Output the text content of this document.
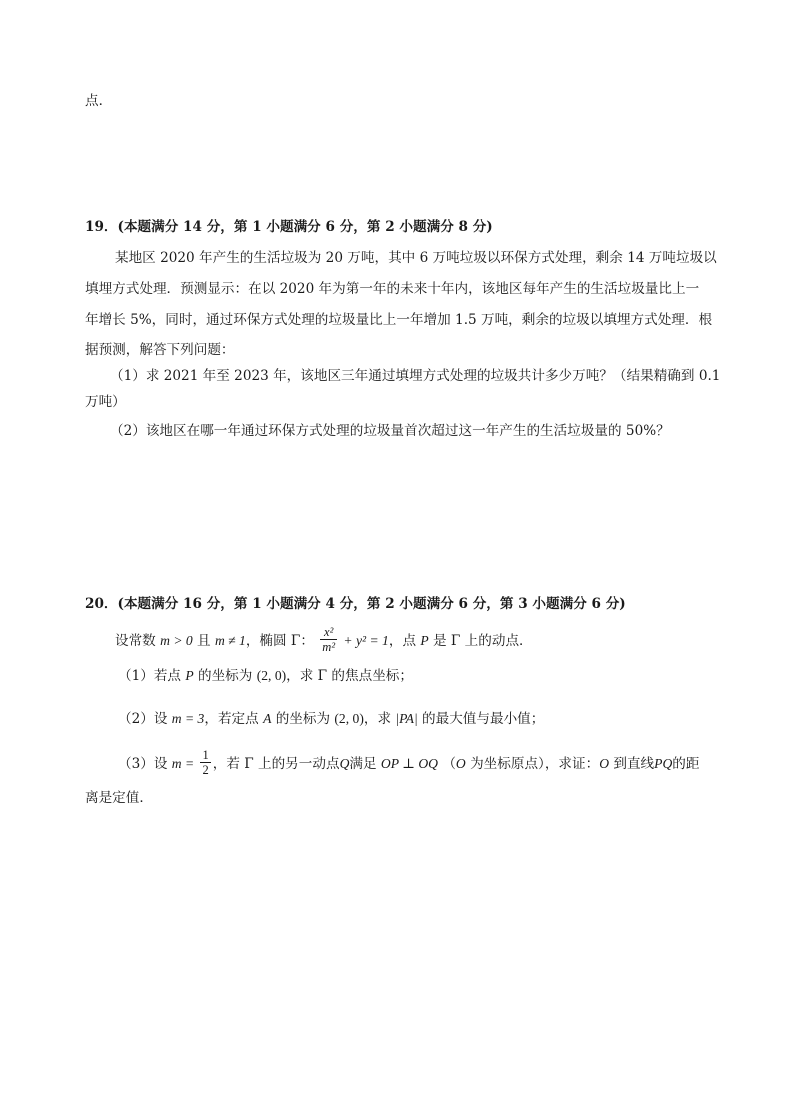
点．
19．(本题满分 14 分，第 1 小题满分 6 分，第 2 小题满分 8 分)
某地区 2020 年产生的生活垃圾为 20 万吨，其中 6 万吨垃圾以环保方式处理，剩余 14 万吨垃圾以
填埋方式处理．预测显示：在以 2020 年为第一年的未来十年内，该地区每年产生的生活垃圾量比上一
年增长 5%，同时，通过环保方式处理的垃圾量比上一年增加 1.5 万吨，剩余的垃圾以填埋方式处理．根
据预测，解答下列问题：
（1）求 2021 年至 2023 年，该地区三年通过填埋方式处理的垃圾共计多少万吨？（结果精确到 0.1
万吨）
（2）该地区在哪一年通过环保方式处理的垃圾量首次超过这一年产生的生活垃圾量的 50%？
20．(本题满分 16 分，第 1 小题满分 4 分，第 2 小题满分 6 分，第 3 小题满分 6 分)
设常数 m > 0 且 m ≠ 1，椭圆 Γ： $\frac{\text{x²}}{\text{m²}} + y^2 = 1$，点 P 是 Γ 上的动点．
（1）若点 P 的坐标为 (2, 0)，求 Γ 的焦点坐标；
（2）设 m = 3，若定点 A 的坐标为 (2, 0)，求 |PA| 的最大值与最小值；
（3）设 $m = \frac{1}{2}$ ，若 Γ 上的另一动点Q满足 OP ⊥ OQ （O 为坐标原点），求证：O 到直线PQ的距
离是定值．
